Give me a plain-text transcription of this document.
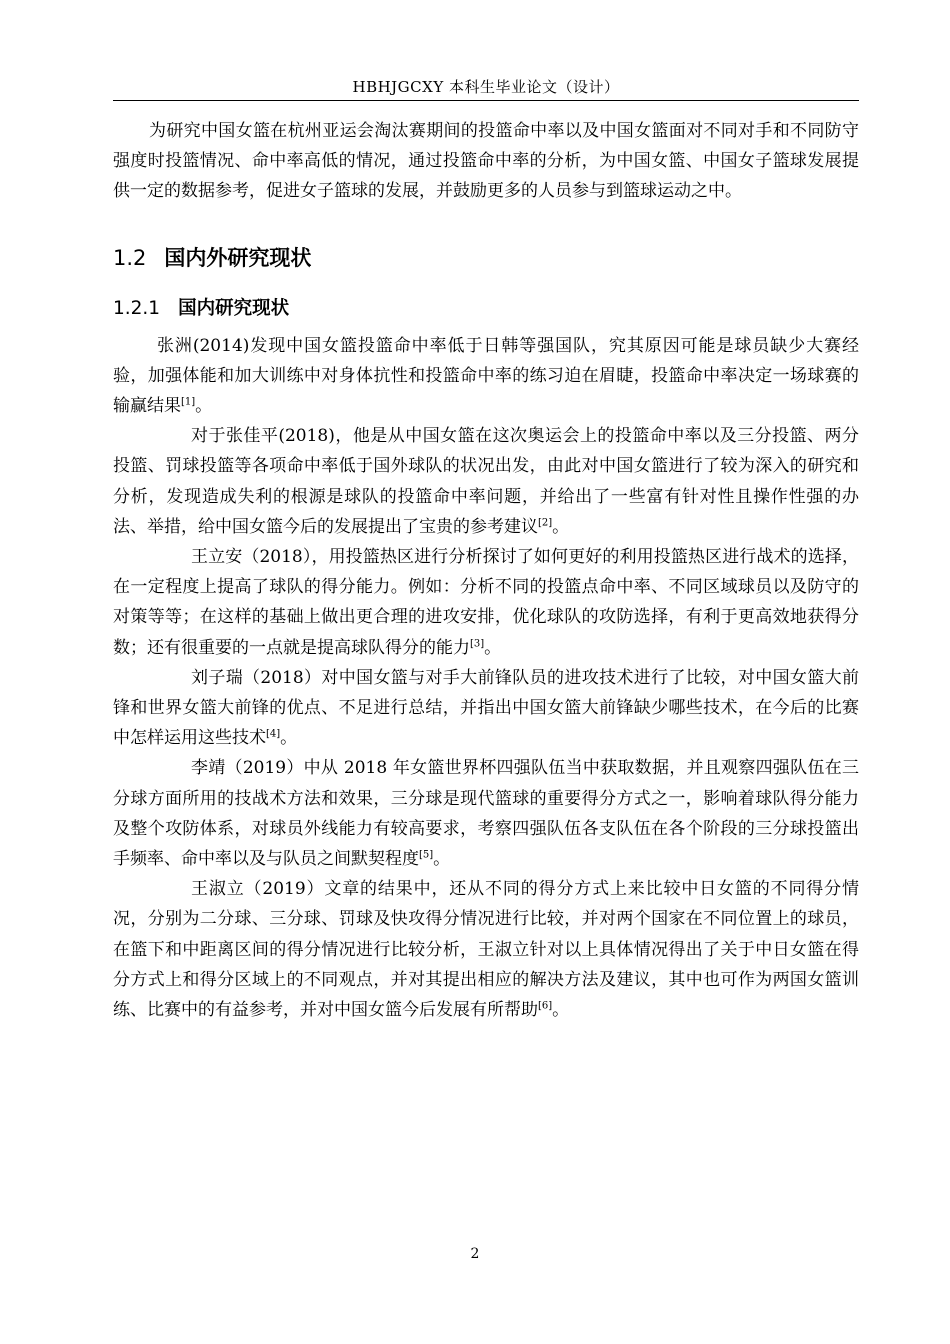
HBHJGCXY 本科生毕业论文（设计）

为研究中国女篮在杭州亚运会淘汰赛期间的投篮命中率以及中国女篮面对不同对手和不同防守强度时投篮情况、命中率高低的情况，通过投篮命中率的分析，为中国女篮、中国女子篮球发展提供一定的数据参考，促进女子篮球的发展，并鼓励更多的人员参与到篮球运动之中。

1.2 国内外研究现状
1.2.1 国内研究现状

张洲(2014)发现中国女篮投篮命中率低于日韩等强国队，究其原因可能是球员缺少大赛经验，加强体能和加大训练中对身体抗性和投篮命中率的练习迫在眉睫，投篮命中率决定一场球赛的输赢结果[1]。

对于张佳平(2018)，他是从中国女篮在这次奥运会上的投篮命中率以及三分投篮、两分投篮、罚球投篮等各项命中率低于国外球队的状况出发，由此对中国女篮进行了较为深入的研究和分析，发现造成失利的根源是球队的投篮命中率问题，并给出了一些富有针对性且操作性强的办法、举措，给中国女篮今后的发展提出了宝贵的参考建议[2]。

王立安（2018），用投篮热区进行分析探讨了如何更好的利用投篮热区进行战术的选择，在一定程度上提高了球队的得分能力。例如：分析不同的投篮点命中率、不同区域球员以及防守的对策等等；在这样的基础上做出更合理的进攻安排，优化球队的攻防选择，有利于更高效地获得分数；还有很重要的一点就是提高球队得分的能力[3]。

刘子瑞（2018）对中国女篮与对手大前锋队员的进攻技术进行了比较，对中国女篮大前锋和世界女篮大前锋的优点、不足进行总结，并指出中国女篮大前锋缺少哪些技术，在今后的比赛中怎样运用这些技术[4]。

李靖（2019）中从 2018 年女篮世界杯四强队伍当中获取数据，并且观察四强队伍在三分球方面所用的技战术方法和效果，三分球是现代篮球的重要得分方式之一，影响着球队得分能力及整个攻防体系，对球员外线能力有较高要求，考察四强队伍各支队伍在各个阶段的三分球投篮出手频率、命中率以及与队员之间默契程度[5]。

王淑立（2019）文章的结果中，还从不同的得分方式上来比较中日女篮的不同得分情况，分别为二分球、三分球、罚球及快攻得分情况进行比较，并对两个国家在不同位置上的球员，在篮下和中距离区间的得分情况进行比较分析，王淑立针对以上具体情况得出了关于中日女篮在得分方式上和得分区域上的不同观点，并对其提出相应的解决方法及建议，其中也可作为两国女篮训练、比赛中的有益参考，并对中国女篮今后发展有所帮助[6]。

2
